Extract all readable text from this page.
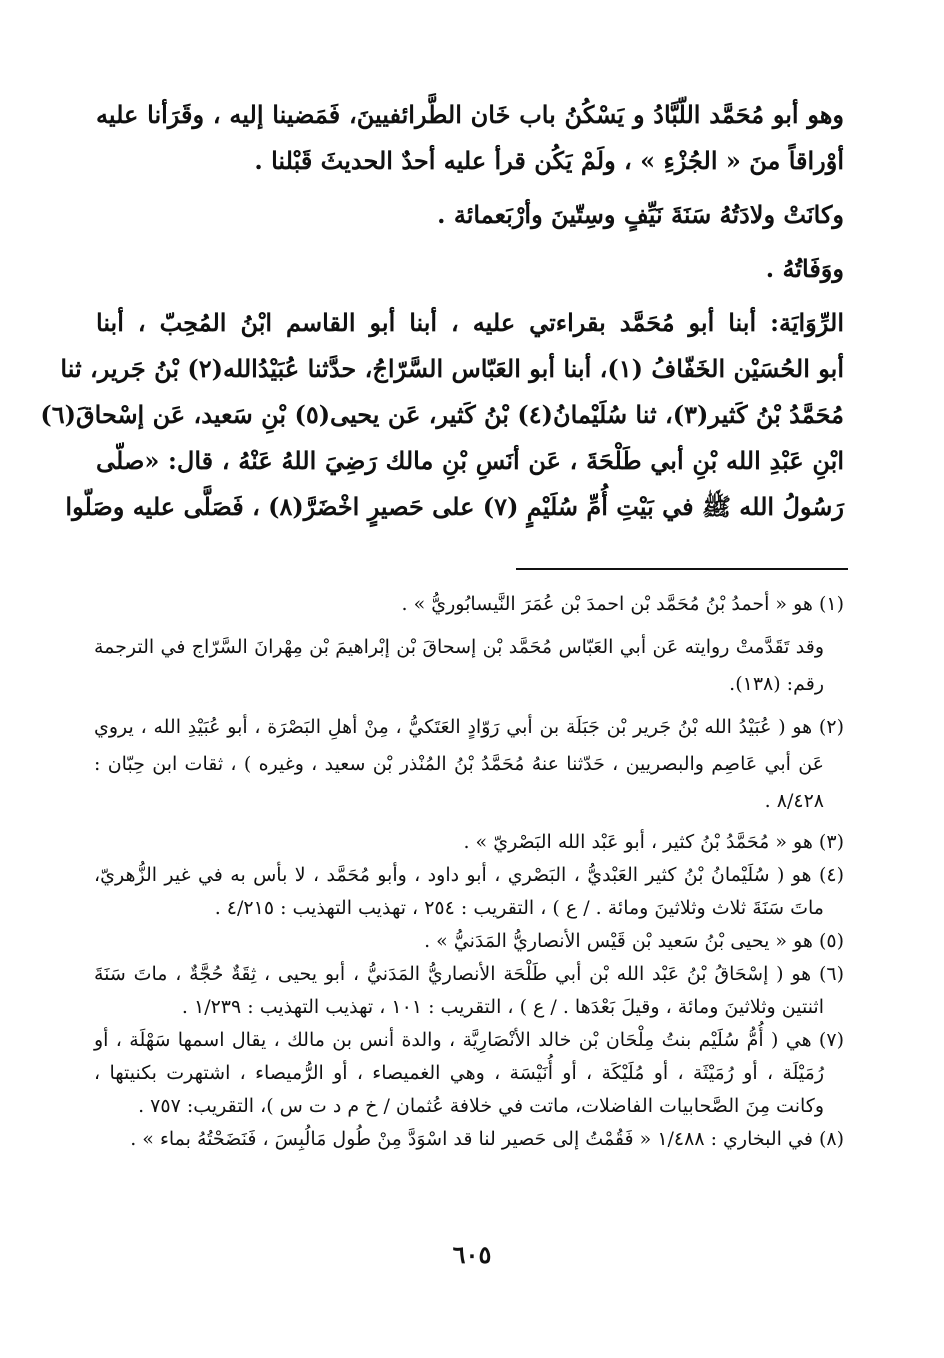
وهو أبو مُحَمَّد اللّبَّادُ و يَسْكُنُ باب خَان الطَّرائفيينَ، فَمَضينا إليه ، وقَرَأنا عليه
أوْراقاً منَ « الجُزْءِ » ، ولَمْ يَكُن قرأ عليه أحدٌ الحديثَ قَبْلنا .
وكانَتْ ولادَتُهُ سَنَةَ نَيِّفٍ وسِتّينَ وأرْبَعمائة .
ووَفَاتُهُ .
الرِّوَايَة: أبنا أبو مُحَمَّد بقراءتي عليه ، أبنا أبو القاسم ابْنُ المُحِبّ ، أبنا
أبو الحُسَيْن الخَفّافُ (١)، أبنا أبو العَبّاس السَّرّاجُ، حدَّثنا عُبَيْدُالله(٢) بْنُ جَرير، ثنا
مُحَمَّدُ بْنُ كَثير(٣)، ثنا سُلَيْمانُ(٤) بْنُ كَثير، عَن يحيى(٥) بْنِ سَعيد، عَن إسْحاقَ(٦)
ابْنِ عَبْدِ الله بْنِ أبي طَلْحَةَ ، عَن أنَسِ بْنِ مالك رَضِيَ اللهُ عَنْهُ ، قال: «صلّى
رَسُولُ الله ﷺ في بَيْتِ أُمِّ سُلَيْمٍ (٧) على حَصيرٍ اخْضَرَّ(٨) ، فَصَلَّى عليه وصَلّوا
(١) هو « أحمدُ بْنُ مُحَمَّد بْن احمدَ بْن عُمَرَ النَّيسابُوريُّ » .
وقد تَقَدَّمتْ روايته عَن أبي العَبّاس مُحَمَّد بْن إسحاقَ بْن إبْراهيمَ بْن مِهْرانَ السَّرّاج في الترجمة
رقم: (١٣٨).
(٢) هو ( عُبَيْدُ الله بْنُ جَرير بْن جَبَلَة بن أبي رَوّادٍ العَتَكيُّ ، مِنْ أهلِ البَصْرَة ، أبو عُبَيْدِ الله ، يروي
عَن أبي عَاصِم والبصريين ، حَدّثنا عنهُ مُحَمَّدُ بْنُ المُنْذر بْن سعيد ، وغيره ) ، ثقات ابن حِبّان :
٨/٤٢٨ .
(٣) هو « مُحَمَّدُ بْنُ كثير ، أبو عَبْد الله البَصْريّ » .
(٤) هو ( سُلَيْمانُ بْنُ كثير العَبْديُّ ، البَصْري ، أبو داود ، وأبو مُحَمَّد ، لا بأس به في غير الزُّهريّ،
ماتَ سَنَةَ ثلاث وثلاثينَ ومائة . / ع ) ، التقريب : ٢٥٤ ، تهذيب التهذيب : ٤/٢١٥ .
(٥) هو « يحيى بْنُ سَعيد بْن قَيْس الأنصاريُّ المَدَنيُّ » .
(٦) هو ( إسْحَاقُ بْنُ عَبْد الله بْن أبي طَلْحَة الأنصاريُّ المَدَنيُّ ، أبو يحيى ، ثِقَةٌ حُجَّةٌ ، ماتَ سَنَةَ
اثنتين وثلاثينَ ومائة ، وقيلَ بَعْدَها . / ع ) ، التقريب : ١٠١ ، تهذيب التهذيب : ١/٢٣٩ .
(٧) هي ( أُمُّ سُلَيْم بنتُ مِلْحَان بْن خالد الأنْصَارِيَّة ، والدة أنس بن مالك ، يقال اسمها سَهْلَة ، أو
رُمَيْلَة ، أو رُمَيْثَة ، أو مُلَيْكَة ، أو أُنَيْسَة ، وهي الغميصاء ، أو الرُّميصاء ، اشتهرت بكنيتها ،
وكانت مِنَ الصَّحابيات الفاضلات، ماتت في خلافة عُثمان / خ م د ت س )، التقريب: ٧٥٧ .
(٨) في البخاري : ١/٤٨٨ « فَقُمْتُ إلى حَصير لنا قد اسْوَدَّ مِنْ طُول مَالُبِسَ ، فَنَضَحْتُهُ بماء » .
٦٠٥
